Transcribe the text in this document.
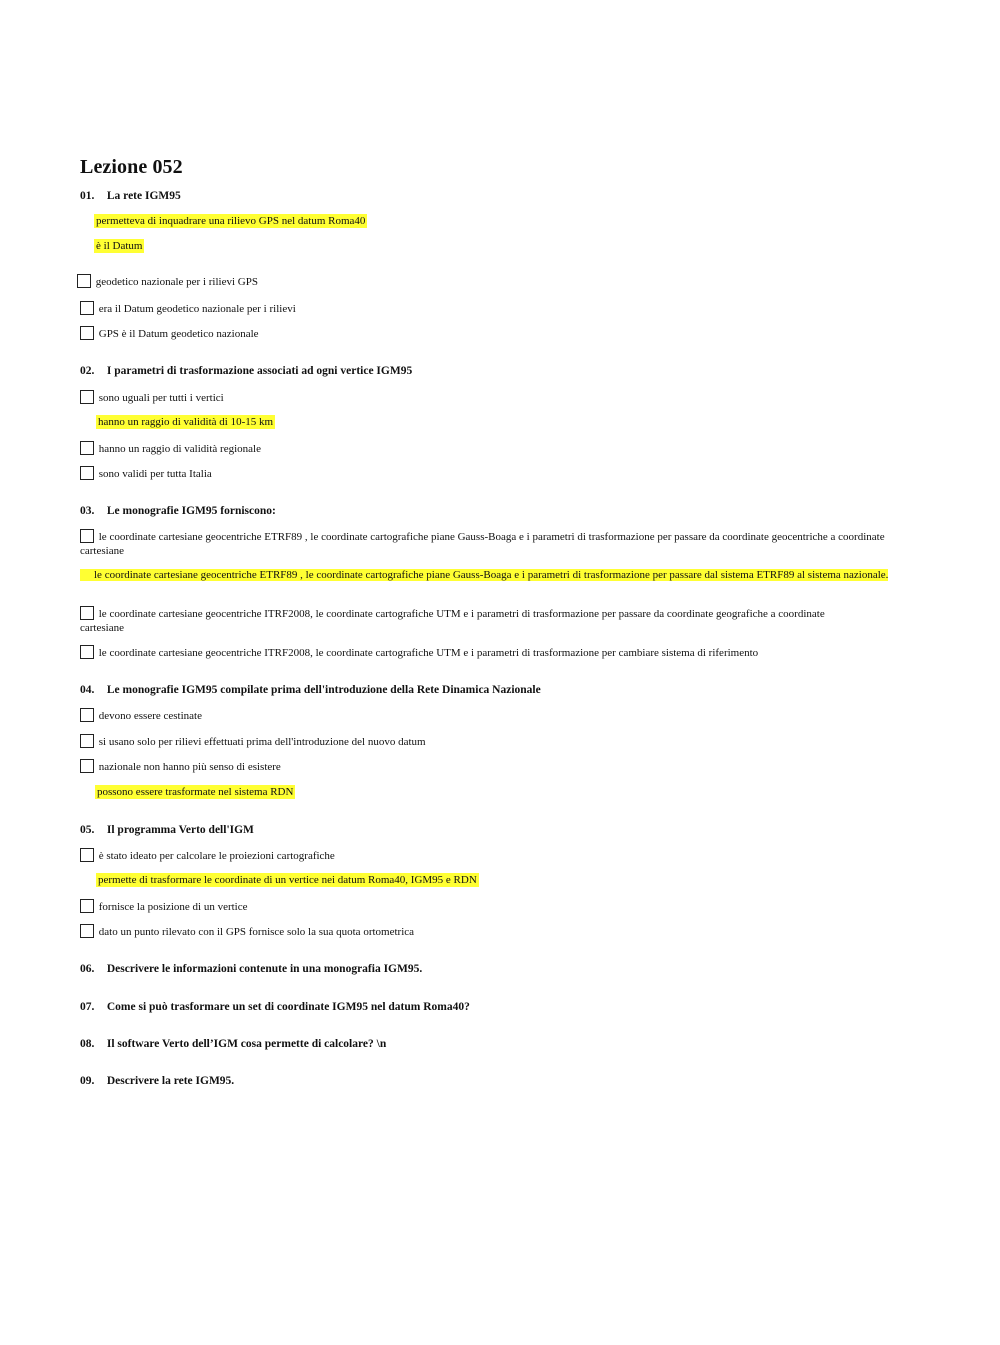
Lezione 052
01. La rete IGM95
permetteva di inquadrare una rilievo GPS nel datum Roma40
è il Datum
geodetico nazionale per i rilievi GPS
era il Datum geodetico nazionale per i rilievi
GPS è il Datum geodetico nazionale
02. I parametri di trasformazione associati ad ogni vertice IGM95
sono uguali per tutti i vertici
hanno un raggio di validità di 10-15 km
hanno un raggio di validità regionale
sono validi per tutta Italia
03. Le monografie IGM95 forniscono:
le coordinate cartesiane geocentriche ETRF89 , le coordinate cartografiche piane Gauss-Boaga e i parametri di trasformazione per passare da coordinate geocentriche a coordinate cartesiane
le coordinate cartesiane geocentriche ETRF89 , le coordinate cartografiche piane Gauss-Boaga e i parametri di trasformazione per passare dal sistema ETRF89 al sistema nazionale.
le coordinate cartesiane geocentriche ITRF2008, le coordinate cartografiche UTM e i parametri di trasformazione per passare da coordinate geografiche a coordinate cartesiane
le coordinate cartesiane geocentriche ITRF2008, le coordinate cartografiche UTM e i parametri di trasformazione per cambiare sistema di riferimento
04. Le monografie IGM95 compilate prima dell'introduzione della Rete Dinamica Nazionale
devono essere cestinate
si usano solo per rilievi effettuati prima dell'introduzione del nuovo datum
nazionale non hanno più senso di esistere
possono essere trasformate nel sistema RDN
05. Il programma Verto dell'IGM
è stato ideato per calcolare le proiezioni cartografiche
permette di trasformare le coordinate di un vertice nei datum Roma40, IGM95 e RDN
fornisce la posizione di un vertice
dato un punto rilevato con il GPS fornisce solo la sua quota ortometrica
06. Descrivere le informazioni contenute in una monografia IGM95.
07. Come si può trasformare un set di coordinate IGM95 nel datum Roma40?
08. Il software Verto dell’IGM cosa permette di calcolare? \n
09. Descrivere la rete IGM95.
